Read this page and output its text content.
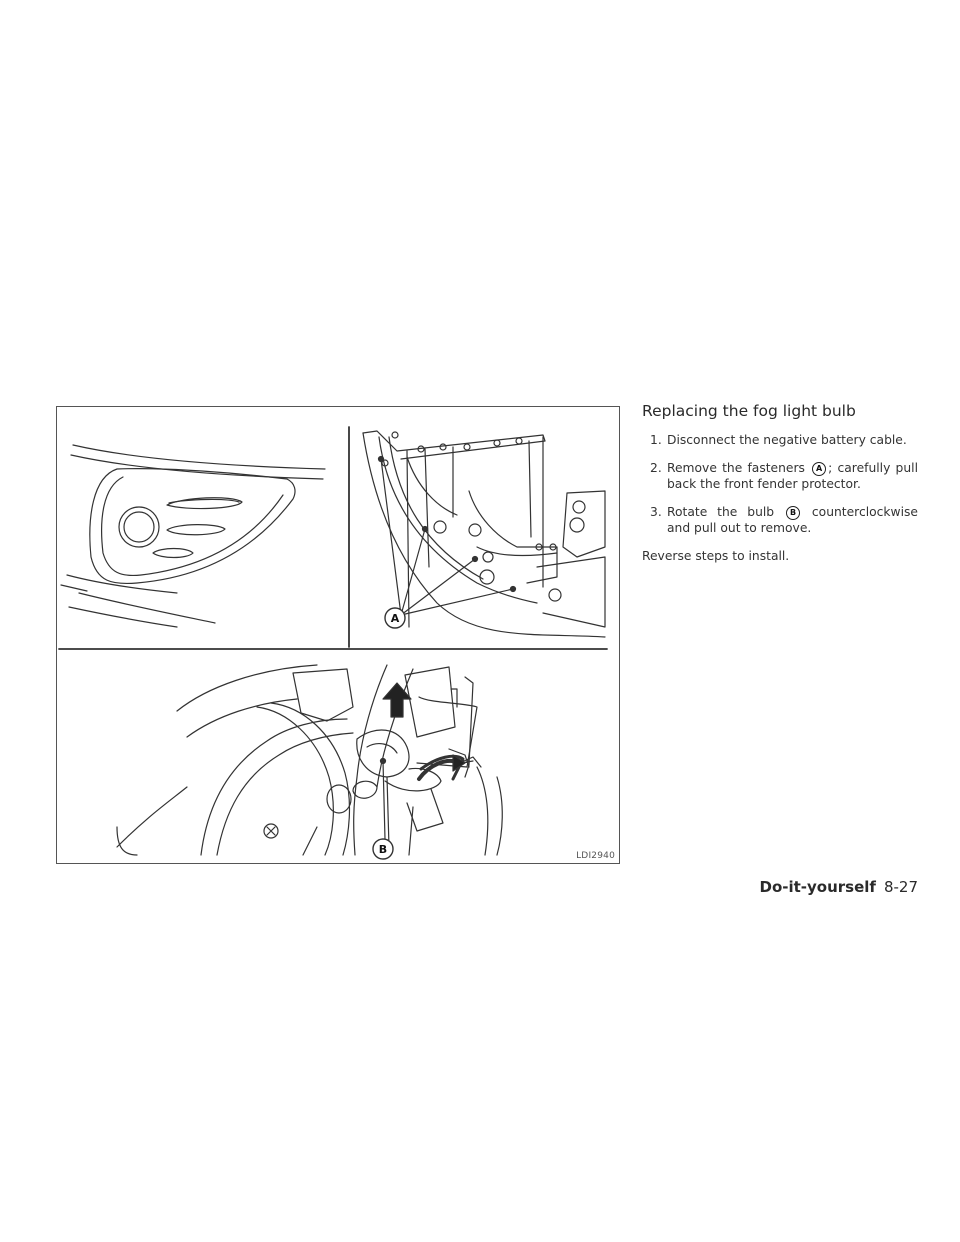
A
B	LDI2940
Replacing the fog light bulb
1. Disconnect the negative battery cable.
2. Remove the fasteners A ; carefully pull back the front fender protector.
3. Rotate the bulb B counterclockwise and pull out to remove.

Reverse steps to install.

Do-it-yourself 8-27
